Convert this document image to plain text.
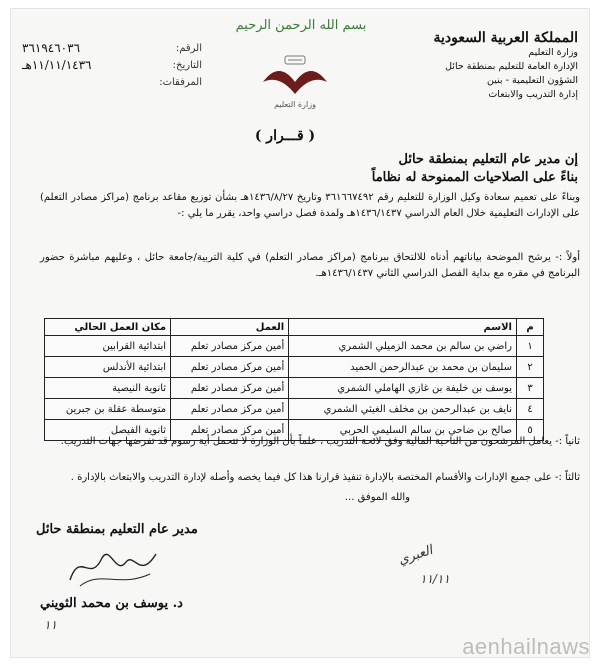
المملكة العربية السعودية
وزارة التعليم
الإدارة العامة للتعليم بمنطقة حائل
الشؤون التعليمية - بنين
إدارة التدريب والابتعاث
بسم الله الرحمن الرحيم
وزارة التعليم
الرقم:
٣٦١٩٤٦٠٣٦
التاريخ:
١١/١١/١٤٣٦هـ
المرفقات:
( قـــرار )
إن مدير عام التعليم بمنطقة حائل
بناءً على الصلاحيات الممنوحة له نظاماً
وبناءً على تعميم سعادة وكيل الوزارة للتعليم رقم ٣٦١٦٦٧٤٩٢ وتاريخ ١٤٣٦/٨/٢٧هـ بشأن توزيع مقاعد برنامج (مراكز مصادر التعلم) على الإدارات التعليمية خلال العام الدراسي ١٤٣٦/١٤٣٧هـ ولمدة فصل دراسي واحد، يقرر ما يلي :-
أولاً :- يرشح الموضحة بياناتهم أدناه للالتحاق ببرنامج (مراكز مصادر التعلم) في كلية التربية/جامعة حائل ، وعليهم مباشرة حضور البرنامج في مقره مع بداية الفصل الدراسي الثاني ١٤٣٦/١٤٣٧هـ.
م	الاسم	العمل	مكان العمل الحالي
١	راضي بن سالم بن محمد الزميلي الشمري	أمين مركز مصادر تعلم	ابتدائية القرابين
٢	سليمان بن محمد بن عبدالرحمن الحميد	أمين مركز مصادر تعلم	ابتدائية الأندلس
٣	يوسف بن خليفة بن غازي الهاملي الشمري	أمين مركز مصادر تعلم	ثانوية النيصية
٤	نايف بن عبدالرحمن بن مخلف الغيثي الشمري	أمين مركز مصادر تعلم	متوسطة عقلة بن جبرين
٥	صالح بن ضاحي بن سالم السليمي الحربي	أمين مركز مصادر تعلم	ثانوية الفيصل
ثانياً :- يعامل المرشحون من الناحية المالية وفق لائحة التدريب ، علماً بأن الوزارة لا تتحمل أية رسوم قد تفرضها جهات التدريب.
ثالثاً :- على جميع الإدارات والأقسام المختصة بالإدارة تنفيذ قرارنا هذا كل فيما يخصه وأصله لإدارة التدريب والابتعاث بالإدارة .
والله الموفق ...
مدير عام التعليم بمنطقة حائل
د. يوسف بن محمد الثويني
١١
العبري
١١/١١
aenhailnaws
